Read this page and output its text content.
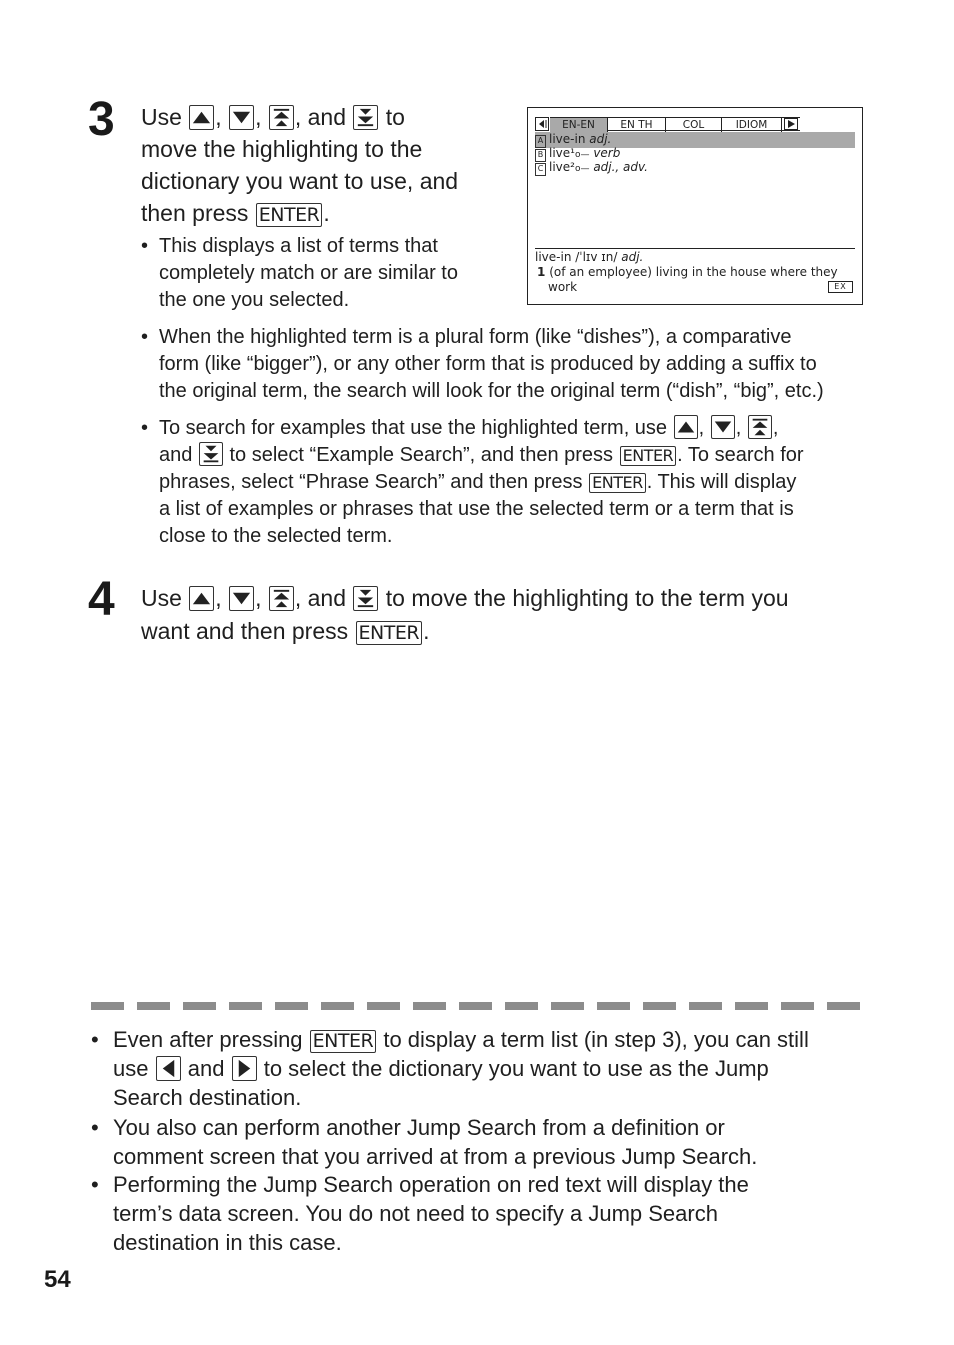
3 Use , , , and to
move the highlighting to the
dictionary you want to use, and
then press ENTER .
• This displays a list of terms that
completely match or are similar to
the one you selected.
EN-EN	EN TH	COL	IDIOM
A live-in adj.
B live¹o— verb
C live²o— adj., adv.
live-in /ˈlɪv ɪn/ adj.
1 (of an employee) living in the house where they
work	EX
• When the highlighted term is a plural form (like “dishes”), a comparative
form (like “bigger”), or any other form that is produced by adding a suffix to
the original term, the search will look for the original term (“dish”, “big”, etc.)
• To search for examples that use the highlighted term, use ,
,
,
and to select “Example Search”, and then press ENTER . To search for
phrases, select “Phrase Search” and then press ENTER . This will display
a list of examples or phrases that use the selected term or a term that is
close to the selected term.
4 Use ,
,
, and to move the highlighting to the term you
want and then press ENTER .
• Even after pressing ENTER to display a term list (in step 3), you can still
use and to select the dictionary you want to use as the Jump
Search destination.
• You also can perform another Jump Search from a definition or
comment screen that you arrived at from a previous Jump Search.
• Performing the Jump Search operation on red text will display the
term’s data screen. You do not need to specify a Jump Search
destination in this case.
54
